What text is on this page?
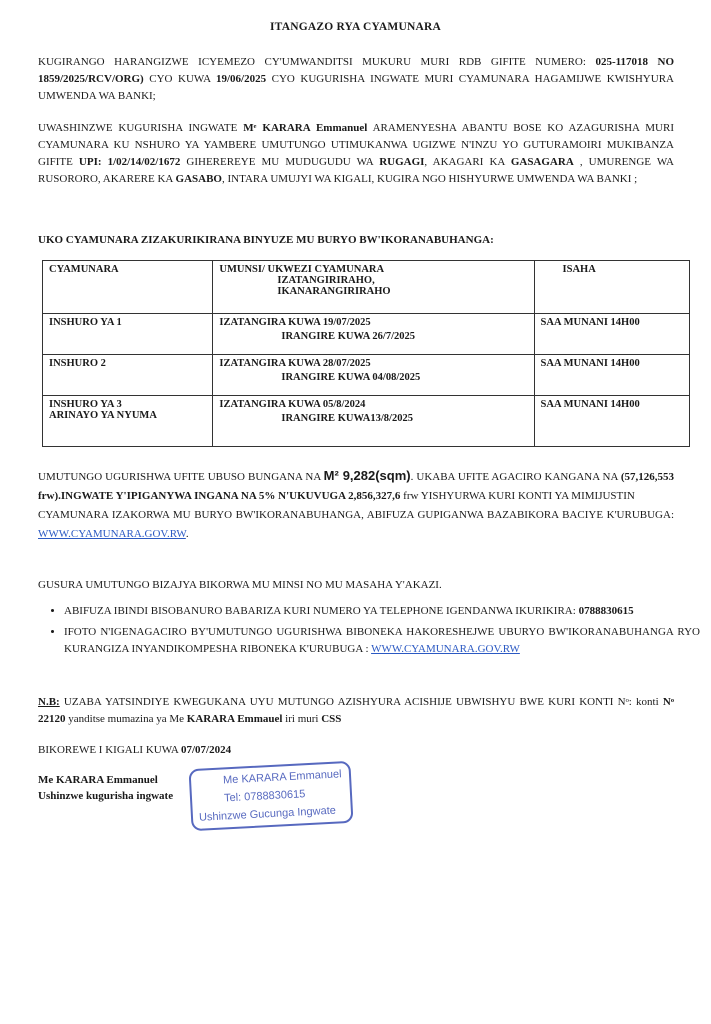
ITANGAZO RYA CYAMUNARA
KUGIRANGO HARANGIZWE ICYEMEZO CY'UMWANDITSI MUKURU MURI RDB GIFITE NUMERO: 025-117018 NO 1859/2025/RCV/ORG) CYO KUWA 19/06/2025 CYO KUGURISHA INGWATE MURI CYAMUNARA HAGAMIJWE KWISHYURA UMWENDA WA BANKI;
UWASHINZWE KUGURISHA INGWATE Mᵉ KARARA Emmanuel ARAMENYESHA ABANTU BOSE KO AZAGURISHA MURI CYAMUNARA KU NSHURO YA YAMBERE UMUTUNGO UTIMUKANWA UGIZWE N'INZU YO GUTURAMOIRI MUKIBANZA GIFITE UPI: 1/02/14/02/1672 GIHEREREYE MU MUDUGUDU WA RUGAGI, AKAGARI KA GASAGARA , UMURENGE WA RUSORORO, AKARERE KA GASABO, INTARA UMUJYI WA KIGALI, KUGIRA NGO HISHYURWE UMWENDA WA BANKI ;
UKO CYAMUNARA ZIZAKURIKIRANA BINYUZE MU BURYO BW'IKORANABUHANGA:
CYAMUNARA	UMUNSI/ UKWEZI CYAMUNARA
IZATANGIRIRAHO,
IKANARANGIRIRAHO	ISAHA
INSHURO YA 1	IZATANGIRA KUWA 19/07/2025
IRANGIRE KUWA 26/7/2025	SAA MUNANI 14H00
INSHURO 2	IZATANGIRA KUWA 28/07/2025
IRANGIRE KUWA 04/08/2025	SAA MUNANI 14H00
INSHURO YA 3
ARINAYO YA NYUMA	IZATANGIRA KUWA 05/8/2024
IRANGIRE KUWA13/8/2025	SAA MUNANI 14H00
UMUTUNGO UGURISHWA UFITE UBUSO BUNGANA NA M² 9,282(sqm). UKABA UFITE AGACIRO KANGANA NA (57,126,553 frw).INGWATE Y'IPIGANYWA INGANA NA 5% N'UKUVUGA 2,856,327,6 frw YISHYURWA KURI KONTI YA MIMIJUSTIN
CYAMUNARA IZAKORWA MU BURYO BW'IKORANABUHANGA, ABIFUZA GUPIGANWA BAZABIKORA BACIYE K'URUBUGA: WWW.CYAMUNARA.GOV.RW.
GUSURA UMUTUNGO BIZAJYA BIKORWA MU MINSI NO MU MASAHA Y'AKAZI.
• ABIFUZA IBINDI BISOBANURO BABARIZA KURI NUMERO YA TELEPHONE IGENDANWA IKURIKIRA: 0788830615
• IFOTO N'IGENAGACIRO BY'UMUTUNGO UGURISHWA BIBONEKA HAKORESHEJWE UBURYO BW'IKORANABUHANGA RYO KURANGIZA INYANDIKOMPESHA RIBONEKA K'URUBUGA : WWW.CYAMUNARA.GOV.RW
N.B: UZABA YATSINDIYE KWEGUKANA UYU MUTUNGO AZISHYURA ACISHIJE UBWISHYU BWE KURI KONTI Nᵒ: konti Nᵒ 22120 yanditse mumazina ya Me KARARA Emmauel iri muri CSS
BIKOREWE I KIGALI KUWA 07/07/2024
Me KARARA Emmanuel
Ushinzwe kugurisha ingwate
Me KARARA Emmanuel
Tel: 0788830615
Ushinzwe Gucunga Ingwate
